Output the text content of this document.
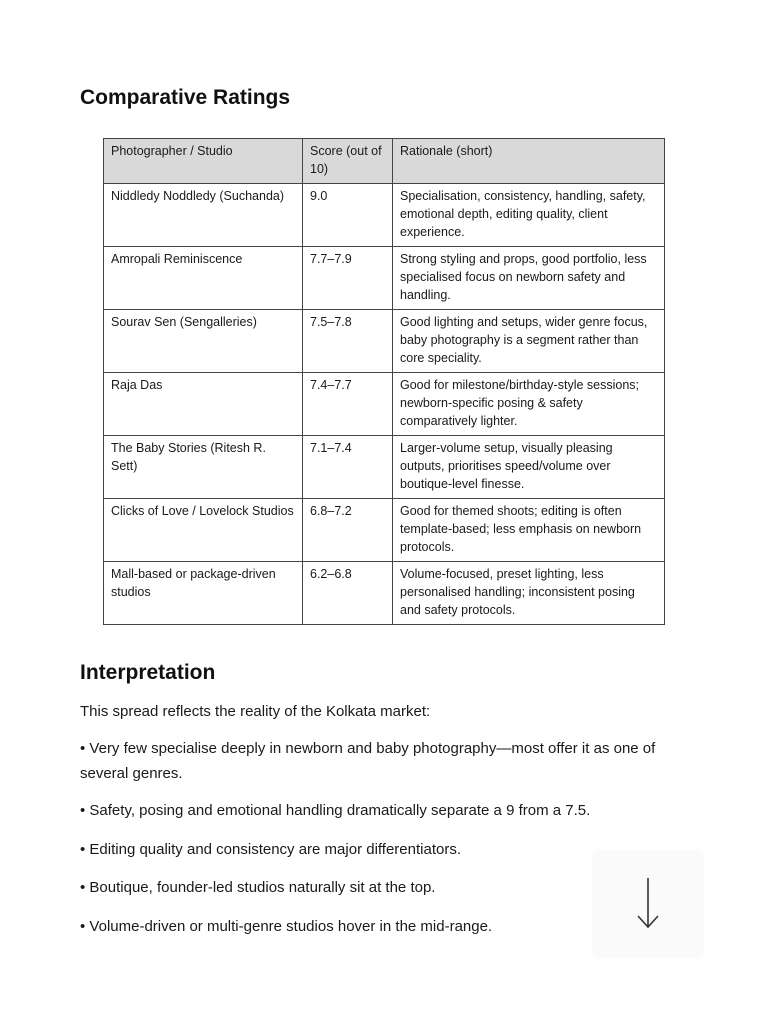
Comparative Ratings
Photographer / Studio	Score (out of 10)	Rationale (short)
Niddledy Noddledy (Suchanda)	9.0	Specialisation, consistency, handling, safety, emotional depth, editing quality, client experience.
Amropali Reminiscence	7.7–7.9	Strong styling and props, good portfolio, less specialised focus on newborn safety and handling.
Sourav Sen (Sengalleries)	7.5–7.8	Good lighting and setups, wider genre focus, baby photography is a segment rather than core speciality.
Raja Das	7.4–7.7	Good for milestone/birthday-style sessions; newborn-specific posing & safety comparatively lighter.
The Baby Stories (Ritesh R. Sett)	7.1–7.4	Larger-volume setup, visually pleasing outputs, prioritises speed/volume over boutique-level finesse.
Clicks of Love / Lovelock Studios	6.8–7.2	Good for themed shoots; editing is often template-based; less emphasis on newborn protocols.
Mall-based or package-driven studios	6.2–6.8	Volume-focused, preset lighting, less personalised handling; inconsistent posing and safety protocols.
Interpretation

This spread reflects the reality of the Kolkata market:

• Very few specialise deeply in newborn and baby photography—most offer it as one of several genres.

• Safety, posing and emotional handling dramatically separate a 9 from a 7.5.

• Editing quality and consistency are major differentiators.

• Boutique, founder-led studios naturally sit at the top.

• Volume-driven or multi-genre studios hover in the mid-range.
